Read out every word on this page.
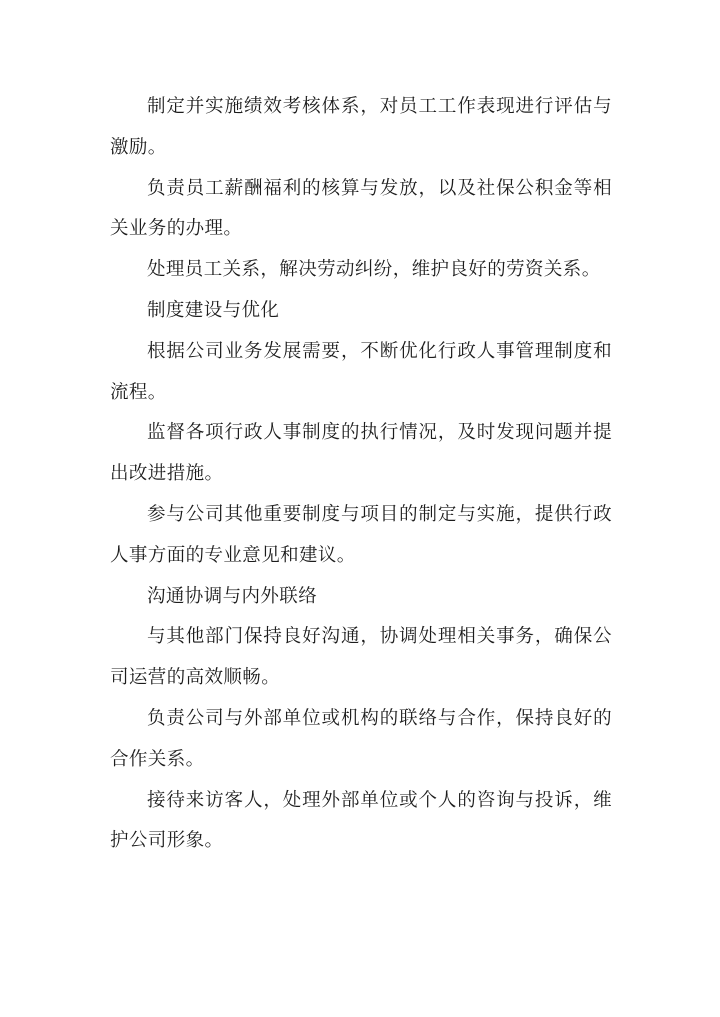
制定并实施绩效考核体系，对员工工作表现进行评估与激励。

负责员工薪酬福利的核算与发放，以及社保公积金等相关业务的办理。

处理员工关系，解决劳动纠纷，维护良好的劳资关系。

制度建设与优化

根据公司业务发展需要，不断优化行政人事管理制度和流程。

监督各项行政人事制度的执行情况，及时发现问题并提出改进措施。

参与公司其他重要制度与项目的制定与实施，提供行政人事方面的专业意见和建议。

沟通协调与内外联络

与其他部门保持良好沟通，协调处理相关事务，确保公司运营的高效顺畅。

负责公司与外部单位或机构的联络与合作，保持良好的合作关系。

接待来访客人，处理外部单位或个人的咨询与投诉，维护公司形象。
